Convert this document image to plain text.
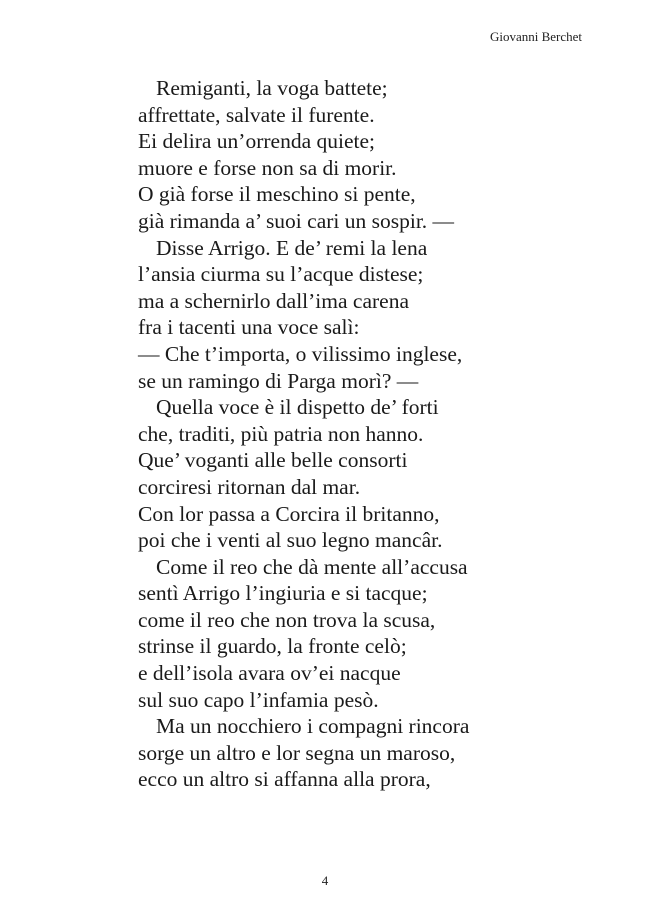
Giovanni Berchet
Remiganti, la voga battete;
affrettate, salvate il furente.
Ei delira un’orrenda quiete;
muore e forse non sa di morir.
O già forse il meschino si pente,
già rimanda a’ suoi cari un sospir. —
Disse Arrigo. E de’ remi la lena
l’ansia ciurma su l’acque distese;
ma a schernirlo dall’ima carena
fra i tacenti una voce salì:
— Che t’importa, o vilissimo inglese,
se un ramingo di Parga morì? —
Quella voce è il dispetto de’ forti
che, traditi, più patria non hanno.
Que’ voganti alle belle consorti
corciresi ritornan dal mar.
Con lor passa a Corcira il britanno,
poi che i venti al suo legno mancâr.
Come il reo che dà mente all’accusa
sentì Arrigo l’ingiuria e si tacque;
come il reo che non trova la scusa,
strinse il guardo, la fronte celò;
e dell’isola avara ov’ei nacque
sul suo capo l’infamia pesò.
Ma un nocchiero i compagni rincora
sorge un altro e lor segna un maroso,
ecco un altro si affanna alla prora,
4
